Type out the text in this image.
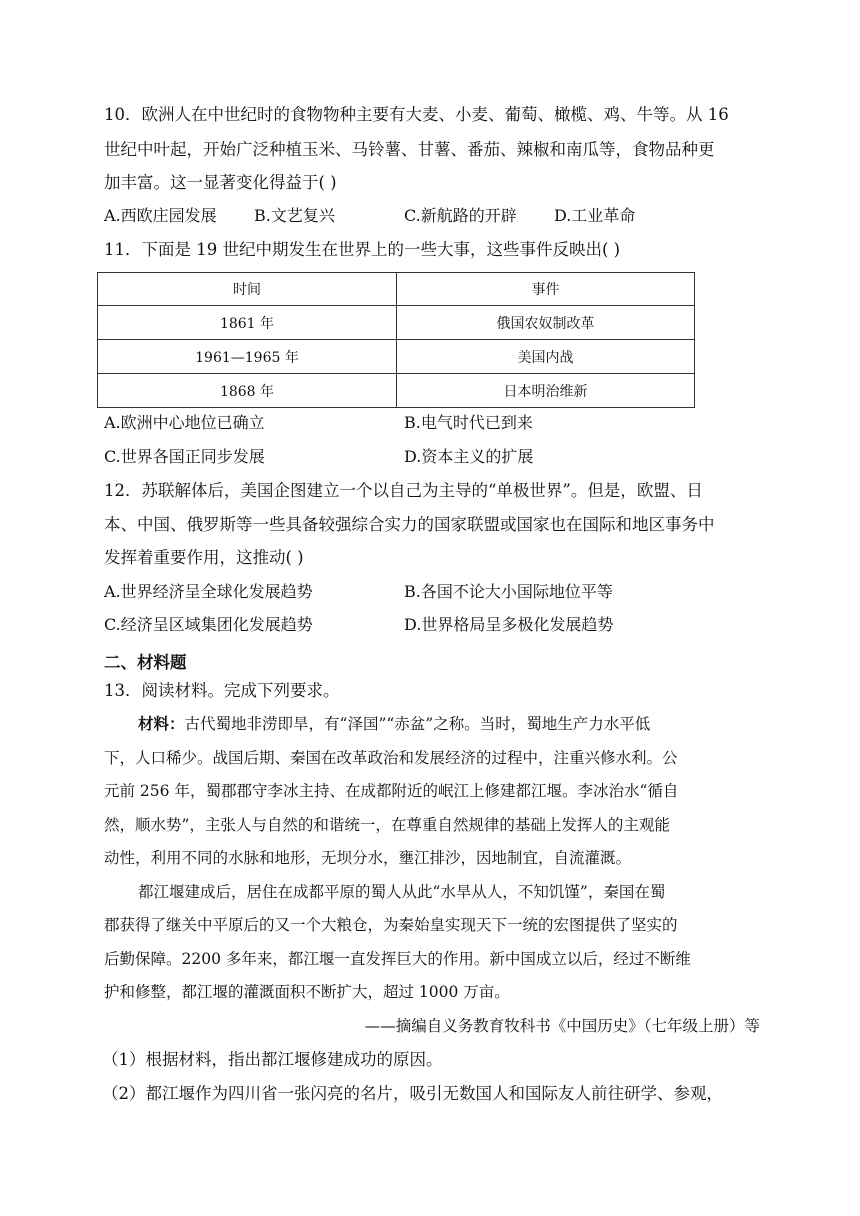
10．欧洲人在中世纪时的食物物种主要有大麦、小麦、葡萄、橄榄、鸡、牛等。从 16
世纪中叶起，开始广泛种植玉米、马铃薯、甘薯、番茄、辣椒和南瓜等，食物品种更
加丰富。这一显著变化得益于( )
A.西欧庄园发展 B.文艺复兴	C.新航路的开辟 D.工业革命
11．下面是 19 世纪中期发生在世界上的一些大事，这些事件反映出( )
时间	事件
1861 年	俄国农奴制改革
1961—1965 年	美国内战
1868 年	日本明治维新
A.欧洲中心地位已确立	B.电气时代已到来
C.世界各国正同步发展	D.资本主义的扩展
12．苏联解体后，美国企图建立一个以自己为主导的“单极世界”。但是，欧盟、日
本、中国、俄罗斯等一些具备较强综合实力的国家联盟或国家也在国际和地区事务中
发挥着重要作用，这推动( )
A.世界经济呈全球化发展趋势	B.各国不论大小国际地位平等
C.经济呈区域集团化发展趋势	D.世界格局呈多极化发展趋势
二、材料题
13．阅读材料。完成下列要求。
材料：古代蜀地非涝即旱，有“泽国”“赤盆”之称。当时，蜀地生产力水平低
下，人口稀少。战国后期、秦国在改革政治和发展经济的过程中，注重兴修水利。公
元前 256 年，蜀郡郡守李冰主持、在成都附近的岷江上修建都江堰。李冰治水“循自
然，顺水势”，主张人与自然的和谐统一，在尊重自然规律的基础上发挥人的主观能
动性，利用不同的水脉和地形，无坝分水，壅江排沙，因地制宜，自流灌溉。
都江堰建成后，居住在成都平原的蜀人从此“水旱从人，不知饥馑”，秦国在蜀
郡获得了继关中平原后的又一个大粮仓，为秦始皇实现天下一统的宏图提供了坚实的
后勤保障。2200 多年来，都江堰一直发挥巨大的作用。新中国成立以后，经过不断维
护和修整，都江堰的灌溉面积不断扩大，超过 1000 万亩。
——摘编自义务教育牧科书《中国历史》（七年级上册）等
（1）根据材料，指出都江堰修建成功的原因。
（2）都江堰作为四川省一张闪亮的名片，吸引无数国人和国际友人前往研学、参观，
